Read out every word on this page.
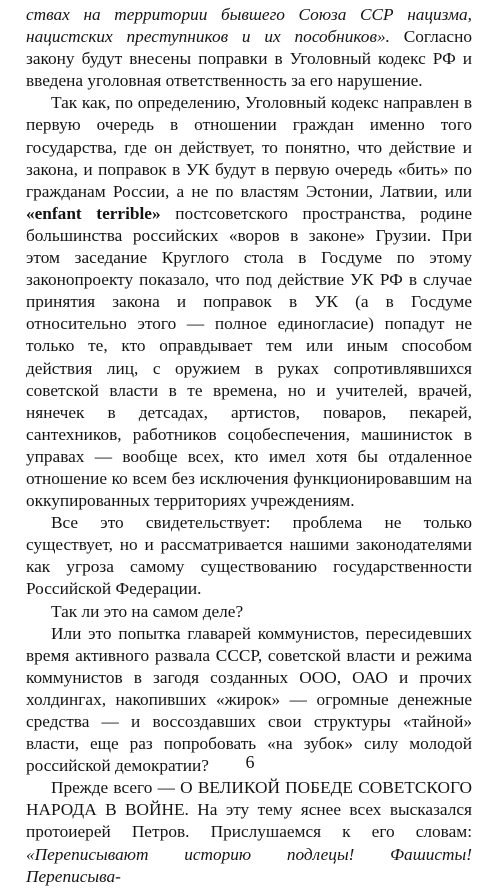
ствах на территории бывшего Союза ССР нацизма, нацистских преступников и их пособников». Согласно закону будут внесены поправки в Уголовный кодекс РФ и введена уголовная ответственность за его нарушение.

Так как, по определению, Уголовный кодекс направлен в первую очередь в отношении граждан именно того государства, где он действует, то понятно, что действие и закона, и поправок в УК будут в первую очередь «бить» по гражданам России, а не по властям Эстонии, Латвии, или «enfant terrible» постсоветского пространства, родине большинства российских «воров в законе» Грузии. При этом заседание Круглого стола в Госдуме по этому законопроекту показало, что под действие УК РФ в случае принятия закона и поправок в УК (а в Госдуме относительно этого — полное единогласие) попадут не только те, кто оправдывает тем или иным способом действия лиц, с оружием в руках сопротивлявшихся советской власти в те времена, но и учителей, врачей, нянечек в детсадах, артистов, поваров, пекарей, сантехников, работников соцобеспечения, машинисток в управах — вообще всех, кто имел хотя бы отдаленное отношение ко всем без исключения функционировавшим на оккупированных территориях учреждениям.

Все это свидетельствует: проблема не только существует, но и рассматривается нашими законодателями как угроза самому существованию государственности Российской Федерации.

Так ли это на самом деле?

Или это попытка главарей коммунистов, пересидевших время активного развала СССР, советской власти и режима коммунистов в загодя созданных ООО, ОАО и прочих холдингах, накопивших «жирок» — огромные денежные средства — и воссоздавших свои структуры «тайной» власти, еще раз попробовать «на зубок» силу молодой российской демократии?

Прежде всего — О ВЕЛИКОЙ ПОБЕДЕ СОВЕТСКОГО НАРОДА В ВОЙНЕ. На эту тему яснее всех высказался протоиерей Петров. Прислушаемся к его словам: «Переписывают историю подлецы! Фашисты! Переписыва-

6
